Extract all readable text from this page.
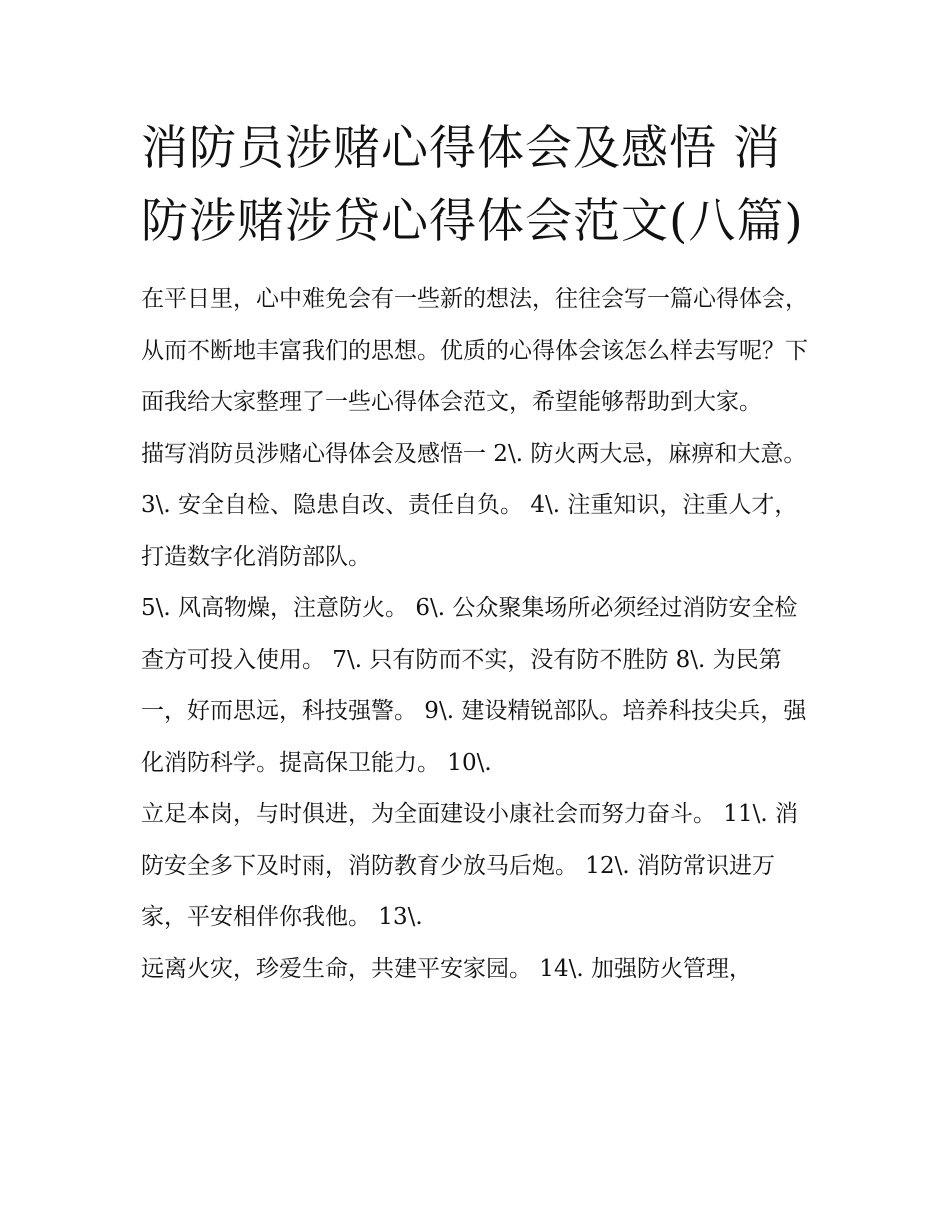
消防员涉赌心得体会及感悟 消防涉赌涉贷心得体会范文(八篇)

在平日里，心中难免会有一些新的想法，往往会写一篇心得体会，从而不断地丰富我们的思想。优质的心得体会该怎么样去写呢？下面我给大家整理了一些心得体会范文，希望能够帮助到大家。

描写消防员涉赌心得体会及感悟一 2\. 防火两大忌，麻痹和大意。 3\. 安全自检、隐患自改、责任自负。 4\. 注重知识，注重人才，打造数字化消防部队。

5\. 风高物燥，注意防火。 6\. 公众聚集场所必须经过消防安全检查方可投入使用。 7\. 只有防而不实，没有防不胜防 8\. 为民第一，好而思远，科技强警。 9\. 建设精锐部队。培养科技尖兵，强化消防科学。提高保卫能力。 10\.

立足本岗，与时俱进，为全面建设小康社会而努力奋斗。 11\. 消防安全多下及时雨，消防教育少放马后炮。 12\. 消防常识进万家，平安相伴你我他。 13\.

远离火灾，珍爱生命，共建平安家园。 14\. 加强防火管理，
